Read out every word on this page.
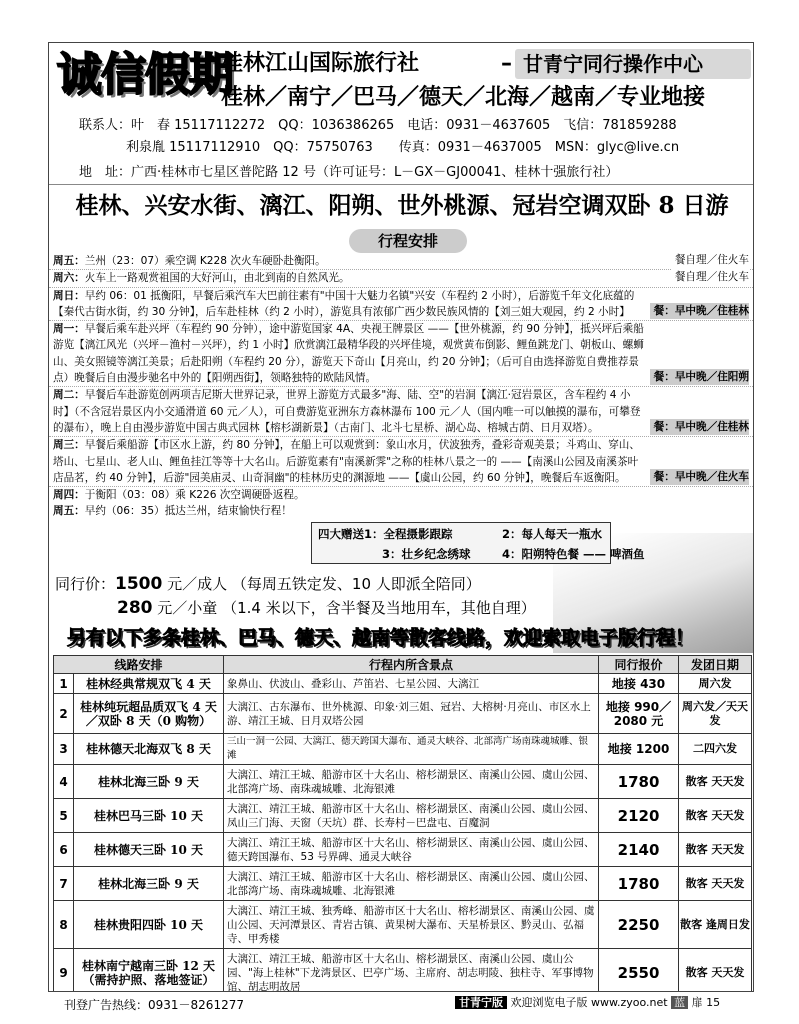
诚信假期
桂林江山国际旅行社	– 甘青宁同行操作中心
桂林／南宁／巴马／德天／北海／越南／专业地接
联系人：叶　春 15117112272　QQ：1036386265　电话：0931－4637605　飞信：781859288
利泉胤 15117112910　QQ：75750763　　传真：0931－4637005　MSN：glyc@live.cn
地　址：广西·桂林市七星区普陀路 12 号（许可证号：L－GX－GJ00041、桂林十强旅行社）
桂林、兴安水街、漓江、阳朔、世外桃源、冠岩空调双卧 8 日游
行程安排
周五：兰州（23：07）乘空调 K228 次火车硬卧赴衡阳。	餐自理／住火车
周六：火车上一路观赏祖国的大好河山，由北到南的自然风光。	餐自理／住火车
周日：早约 06：01 抵衡阳，早餐后乘汽车大巴前往素有"中国十大魅力名镇"兴安（车程约 2 小时），后游览千年文化底蕴的【秦代古街水街，约 30 分钟】，后车赴桂林（约 2 小时），游览具有浓郁广西少数民族风情的【刘三姐大观园，约 2 小时】	餐：早中晚／住桂林
周一：早餐后乘车赴兴坪（车程约 90 分钟），途中游览国家 4A、央视王牌景区 ——【世外桃源，约 90 分钟】，抵兴坪后乘船游览【漓江风光（兴坪－渔村－兴坪），约 1 小时】欣赏漓江最精华段的兴坪佳境，观赏黄布倒影、鲤鱼跳龙门、朝板山、螺蛳山、美女照镜等漓江美景；后赴阳朔（车程约 20 分），游览天下奇山【月亮山，约 20 分钟】；（后可自由选择游览自费推荐景点）晚餐后自由漫步驰名中外的【阳朔西街】，领略独特的欧陆风情。	餐：早中晚／住阳朔
周二：早餐后车赴游览创两项吉尼斯大世界记录，世界上游览方式最多"海、陆、空"的岩洞【漓江·冠岩景区，含车程约 4 小时】（不含冠岩景区内小交通滑道 60 元／人），可自费游览亚洲东方森林瀑布 100 元／人（国内唯一可以触摸的瀑布，可攀登的瀑布），晚上自由漫步游览中国古典式园林【榕杉湖新景】（古南门、北斗七星桥、湖心岛、榕城古荫、日月双塔）。	餐：早中晚／住桂林
周三：早餐后乘船游【市区水上游，约 80 分钟】，在船上可以观赏到：象山水月，伏波独秀，叠彩奇观美景；斗鸡山、穿山、塔山、七星山、老人山、鲤鱼挂江等等十大名山。后游览素有"南溪新霁"之称的桂林八景之一的 ——【南溪山公园及南溪茶叶店品茗，约 40 分钟】，后游"园美庙灵、山奇洞幽"的桂林历史的渊源地 ——【虞山公园，约 60 分钟】，晚餐后车返衡阳。	餐：早中晚／住火车
周四：于衡阳（03：08）乘 K226 次空调硬卧返程。
周五：早约（06：35）抵达兰州，结束愉快行程！
四大赠送1：全程摄影跟踪	2：每人每天一瓶水
3：壮乡纪念绣球	4：阳朔特色餐 —— 啤酒鱼
同行价：1500 元／成人 （每周五铁定发、10 人即派全陪同）
280 元／小童 （1.4 米以下，含半餐及当地用车，其他自理）
另有以下多条桂林、巴马、德天、越南等散客线路，欢迎索取电子版行程！
线路安排		行程内所含景点	同行报价	发团日期
1	桂林经典常规双飞 4 天	象鼻山、伏波山、叠彩山、芦笛岩、七星公园、大漓江	地接 430	周六发
2	桂林纯玩超品质双飞 4 天／双卧 8 天（0 购物）	大漓江、古东瀑布、世外桃源、印象·刘三姐、冠岩、大榕树·月亮山、市区水上游、靖江王城、日月双塔公园	地接 990／2080 元	周六发／天天发
3	桂林德天北海双飞 8 天	三山一洞一公园、大漓江、德天跨国大瀑布、通灵大峡谷、北部湾广场南珠魂城雕、银滩	地接 1200	二四六发
4	桂林北海三卧 9 天	大漓江、靖江王城、船游市区十大名山、榕杉湖景区、南溪山公园、虞山公园、北部湾广场、南珠魂城雕、北海银滩	1780	散客 天天发
5	桂林巴马三卧 10 天	大漓江、靖江王城、船游市区十大名山、榕杉湖景区、南溪山公园、虞山公园、凤山三门海、天窗（天坑）群、长寿村－巴盘屯、百魔洞	2120	散客 天天发
6	桂林德天三卧 10 天	大漓江、靖江王城、船游市区十大名山、榕杉湖景区、南溪山公园、虞山公园、德天跨国瀑布、53 号界碑、通灵大峡谷	2140	散客 天天发
7	桂林北海三卧 9 天	大漓江、靖江王城、船游市区十大名山、榕杉湖景区、南溪山公园、虞山公园、北部湾广场、南珠魂城雕、北海银滩	1780	散客 天天发
8	桂林贵阳四卧 10 天	大漓江、靖江王城、独秀峰、船游市区十大名山、榕杉湖景区、南溪山公园、虞山公园、天河潭景区、青岩古镇、黄果树大瀑布、天星桥景区、黔灵山、弘福寺、甲秀楼	2250	散客 逢周日发
9	桂林南宁越南三卧 12 天（需持护照、落地签证）	大漓江、靖江王城、船游市区十大名山、榕杉湖景区、南溪山公园、虞山公园、"海上桂林"下龙湾景区、巴亭广场、主席府、胡志明陵、独柱寺、军事博物馆、胡志明故居	2550	散客 天天发
刊登广告热线：0931－8261277	甘青宁版 欢迎浏览电子版 www.zyoo.net 蓝 扉 15
